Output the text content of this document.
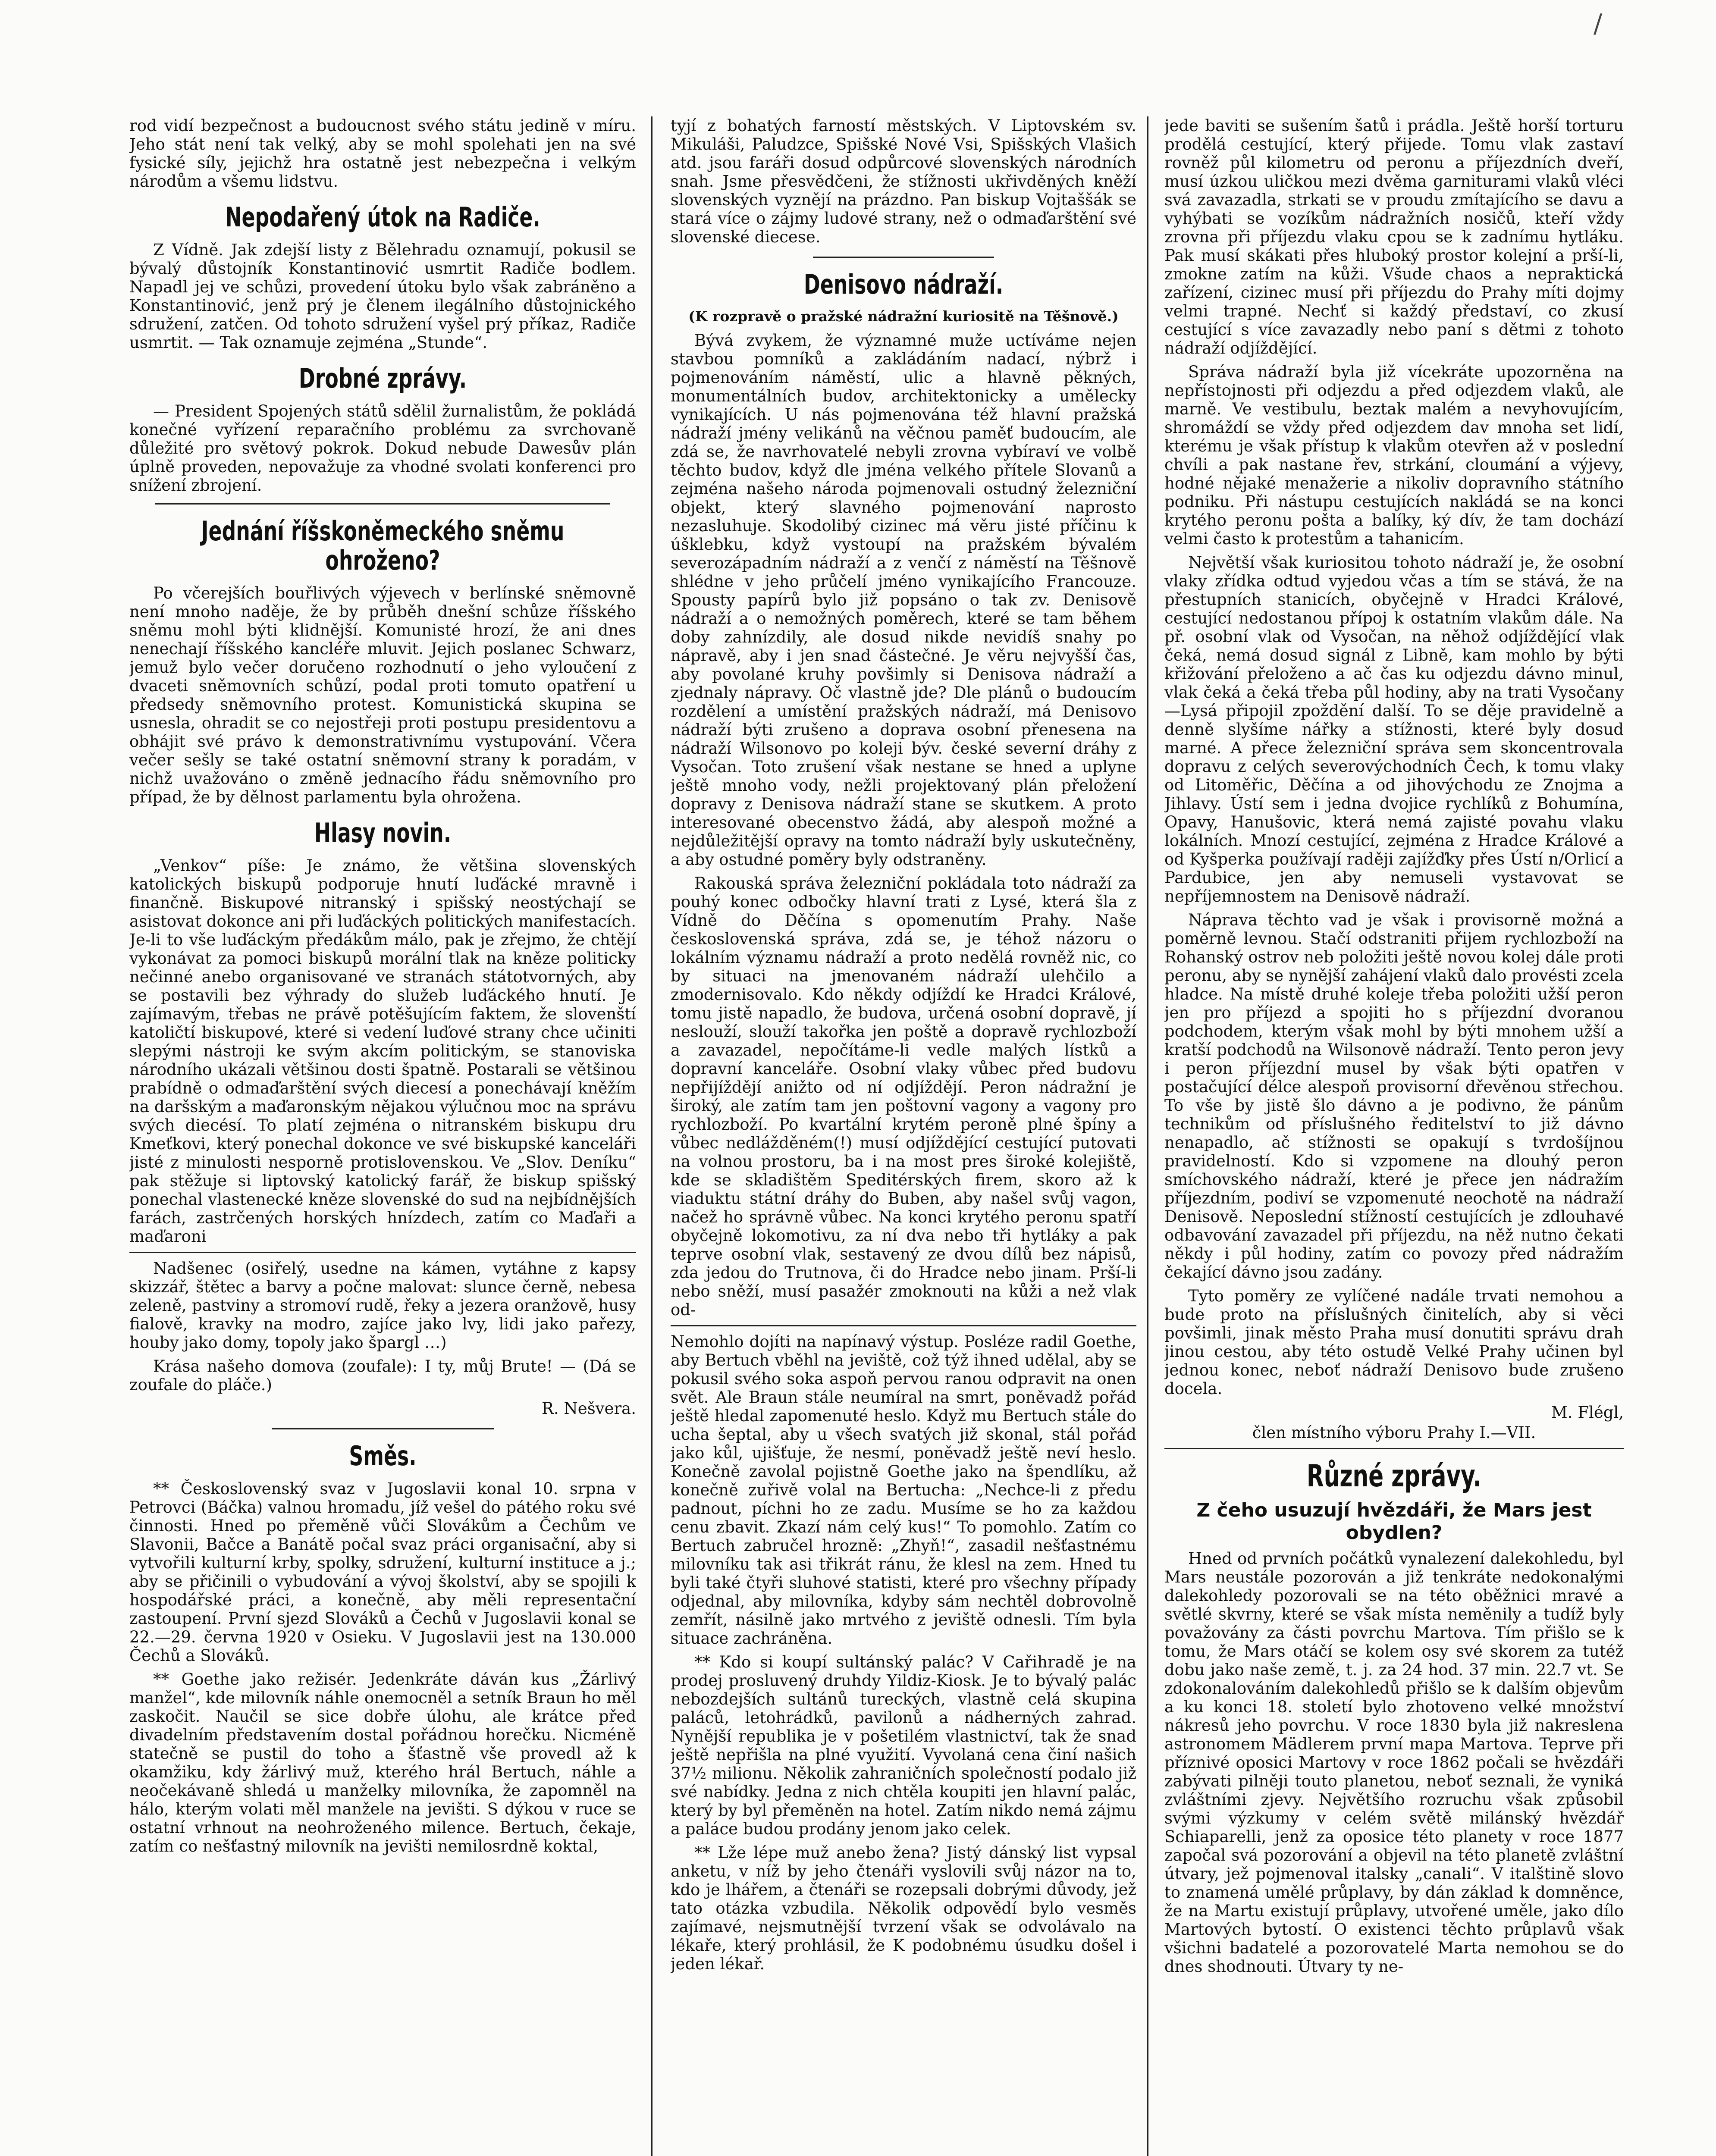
/

rod vidí bezpečnost a budoucnost svého státu jedině v míru. Jeho stát není tak velký, aby se mohl spolehati jen na své fysické síly, jejichž hra ostatně jest nebezpečna i velkým národům a všemu lidstvu.

Nepodařený útok na Radiče.

Z Vídně. Jak zdejší listy z Bělehradu oznamují, pokusil se bývalý důstojník Konstantinović usmrtit Radiče bodlem. Napadl jej ve schůzi, provedení útoku bylo však zabráněno a Konstantinović, jenž prý je členem ilegálního důstojnického sdružení, zatčen. Od tohoto sdružení vyšel prý příkaz, Radiče usmrtit. — Tak oznamuje zejména „Stunde“.

Drobné zprávy.

— President Spojených států sdělil žurnalistům, že pokládá konečné vyřízení reparačního problému za svrchovaně důležité pro světový pokrok. Dokud nebude Dawesův plán úplně proveden, nepovažuje za vhodné svolati konferenci pro snížení zbrojení.

Jednání říšskoněmeckého sněmu ohroženo?

Po včerejších bouřlivých výjevech v berlínské sněmovně není mnoho naděje, že by průběh dnešní schůze říšského sněmu mohl býti klidnější. Komunisté hrozí, že ani dnes nenechají říšského kancléře mluvit. Jejich poslanec Schwarz, jemuž bylo večer doručeno rozhodnutí o jeho vyloučení z dvaceti sněmovních schůzí, podal proti tomuto opatření u předsedy sněmovního protest. Komunistická skupina se usnesla, ohradit se co nejostřeji proti postupu presidentovu a obhájit své právo k demonstrativnímu vystupování. Včera večer sešly se také ostatní sněmovní strany k poradám, v nichž uvažováno o změně jednacího řádu sněmovního pro případ, že by dělnost parlamentu byla ohrožena.

Hlasy novin.

„Venkov“ píše: Je známo, že většina slovenských katolických biskupů podporuje hnutí luďácké mravně i finančně. Biskupové nitranský i spišský neostýchají se asistovat dokonce ani při luďáckých politických manifestacích. Je-li to vše luďáckým předákům málo, pak je zřejmo, že chtějí vykonávat za pomoci biskupů morální tlak na kněze politicky nečinné anebo organisované ve stranách státotvorných, aby se postavili bez výhrady do služeb luďáckého hnutí. Je zajímavým, třebas ne právě potěšujícím faktem, že slovenští katoličtí biskupové, které si vedení luďové strany chce učiniti slepými nástroji ke svým akcím politickým, se stanoviska národního ukázali většinou dosti špatně. Postarali se většinou prabídně o odmaďarštění svých diecesí a ponechávají kněžím na daršským a maďaronským nějakou výlučnou moc na správu svých diecésí. To platí zejména o nitranském biskupu dru Kmeťkovi, který ponechal dokonce ve své biskupské kanceláři jisté z minulosti nesporně protislovenskou. Ve „Slov. Deníku“ pak stěžuje si liptovský katolický farář, že biskup spišský ponechal vlastenecké kněze slovenské do sud na nejbídnějších farách, zastrčených horských hnízdech, zatím co Maďaři a maďaroni

Nadšenec (osiřelý, usedne na kámen, vytáhne z kapsy skizzář, štětec a barvy a počne malovat: slunce černě, nebesa zeleně, pastviny a stromoví rudě, řeky a jezera oranžově, husy fialově, kravky na modro, zajíce jako lvy, lidi jako pařezy, houby jako domy, topoly jako špargl …)

Krása našeho domova (zoufale): I ty, můj Brute! — (Dá se zoufale do pláče.)

R. Nešvera.
Směs.

** Československý svaz v Jugoslavii konal 10. srpna v Petrovci (Báčka) valnou hromadu, jíž vešel do pátého roku své činnosti. Hned po přeměně vůči Slovákům a Čechům ve Slavonii, Bačce a Banátě počal svaz práci organisační, aby si vytvořili kulturní krby, spolky, sdružení, kulturní instituce a j.; aby se přičinili o vybudování a vývoj školství, aby se spojili k hospodářské práci, a konečně, aby měli representační zastoupení. První sjezd Slováků a Čechů v Jugoslavii konal se 22.—29. června 1920 v Osieku. V Jugoslavii jest na 130.000 Čechů a Slováků.

** Goethe jako režisér. Jedenkráte dáván kus „Žárlivý manžel“, kde milovník náhle onemocněl a setník Braun ho měl zaskočit. Naučil se sice dobře úlohu, ale krátce před divadelním představením dostal pořádnou horečku. Nicméně statečně se pustil do toho a šťastně vše provedl až k okamžiku, kdy žárlivý muž, kterého hrál Bertuch, náhle a neočekávaně shledá u manželky milovníka, že zapomněl na hálo, kterým volati měl manžele na jevišti. S dýkou v ruce se ostatní vrhnout na neohroženého milence. Bertuch, čekaje, zatím co nešťastný milovník na jevišti nemilosrdně koktal,

tyjí z bohatých farností městských. V Liptovském sv. Mikuláši, Paludzce, Spišské Nové Vsi, Spišských Vlašich atd. jsou faráři dosud odpůrcové slovenských národních snah. Jsme přesvědčeni, že stížnosti ukřivděných kněží slovenských vyznějí na prázdno. Pan biskup Vojtaššák se stará více o zájmy ludové strany, než o odmaďarštění své slovenské diecese.

Denisovo nádraží.
(K rozpravě o pražské nádražní kuriositě na Těšnově.)

Bývá zvykem, že významné muže uctíváme nejen stavbou pomníků a zakládáním nadací, nýbrž i pojmenováním náměstí, ulic a hlavně pěkných, monumentálních budov, architektonicky a umělecky vynikajících. U nás pojmenována též hlavní pražská nádraží jmény velikánů na věčnou paměť budoucím, ale zdá se, že navrhovatelé nebyli zrovna vybíraví ve volbě těchto budov, když dle jména velkého přítele Slovanů a zejména našeho národa pojmenovali ostudný železniční objekt, který slavného pojmenování naprosto nezasluhuje. Skodolibý cizinec má věru jisté příčinu k úšklebku, když vystoupí na pražském bývalém severozápadním nádraží a z venčí z náměstí na Těšnově shlédne v jeho průčelí jméno vynikajícího Francouze. Spousty papírů bylo již popsáno o tak zv. Denisově nádraží a o nemožných poměrech, které se tam během doby zahnízdily, ale dosud nikde nevidíš snahy po nápravě, aby i jen snad částečné. Je věru nejvyšší čas, aby povolané kruhy povšimly si Denisova nádraží a zjednaly nápravy. Oč vlastně jde? Dle plánů o budoucím rozdělení a umístění pražských nádraží, má Denisovo nádraží býti zrušeno a doprava osobní přenesena na nádraží Wilsonovo po koleji býv. české severní dráhy z Vysočan. Toto zrušení však nestane se hned a uplyne ještě mnoho vody, nežli projektovaný plán přeložení dopravy z Denisova nádraží stane se skutkem. A proto interesované obecenstvo žádá, aby alespoň možné a nejdůležitější opravy na tomto nádraží byly uskutečněny, a aby ostudné poměry byly odstraněny.

Rakouská správa železniční pokládala toto nádraží za pouhý konec odbočky hlavní trati z Lysé, která šla z Vídně do Děčína s opomenutím Prahy. Naše československá správa, zdá se, je téhož názoru o lokálním významu nádraží a proto nedělá rovněž nic, co by situaci na jmenovaném nádraží ulehčilo a zmodernisovalo. Kdo někdy odjíždí ke Hradci Králové, tomu jistě napadlo, že budova, určená osobní dopravě, jí neslouží, slouží takořka jen poště a dopravě rychlozboží a zavazadel, nepočítáme-li vedle malých lístků a dopravní kanceláře. Osobní vlaky vůbec před budovu nepřijíždějí anižto od ní odjíždějí. Peron nádražní je široký, ale zatím tam jen poštovní vagony a vagony pro rychlozboží. Po kvartální krytém peroně plné špíny a vůbec nedlážděném(!) musí odjíždějící cestující putovati na volnou prostoru, ba i na most pres široké kolejiště, kde se skladištěm Speditérských firem, skoro až k viaduktu státní dráhy do Buben, aby našel svůj vagon, načež ho správně vůbec. Na konci krytého peronu spatří obyčejně lokomotivu, za ní dva nebo tři hytláky a pak teprve osobní vlak, sestavený ze dvou dílů bez nápisů, zda jedou do Trutnova, či do Hradce nebo jinam. Prší-li nebo sněží, musí pasažér zmoknouti na kůži a než vlak od-

Nemohlo dojíti na napínavý výstup. Posléze radil Goethe, aby Bertuch vběhl na jeviště, což týž ihned udělal, aby se pokusil svého soka aspoň pervou ranou odpravit na onen svět. Ale Braun stále neumíral na smrt, poněvadž pořád ještě hledal zapomenuté heslo. Když mu Bertuch stále do ucha šeptal, aby u všech svatých již skonal, stál pořád jako kůl, ujišťuje, že nesmí, poněvadž ještě neví heslo. Konečně zavolal pojistně Goethe jako na špendlíku, až konečně zuřivě volal na Bertucha: „Nechce-li z předu padnout, píchni ho ze zadu. Musíme se ho za každou cenu zbavit. Zkazí nám celý kus!“ To pomohlo. Zatím co Bertuch zabručel hrozně: „Zhyň!“, zasadil nešťastnému milovníku tak asi třikrát ránu, že klesl na zem. Hned tu byli také čtyři sluhové statisti, které pro všechny případy odjednal, aby milovníka, kdyby sám nechtěl dobrovolně zemřít, násilně jako mrtvého z jeviště odnesli. Tím byla situace zachráněna.

** Kdo si koupí sultánský palác? V Cařihradě je na prodej prosluvený druhdy Yildiz-Kiosk. Je to bývalý palác nebozdejších sultánů tureckých, vlastně celá skupina paláců, letohrádků, pavilonů a nádherných zahrad. Nynější republika je v pošetilém vlastnictví, tak že snad ještě nepřišla na plné využití. Vyvolaná cena činí našich 37½ milionu. Několik zahraničních společností podalo již své nabídky. Jedna z nich chtěla koupiti jen hlavní palác, který by byl přeměněn na hotel. Zatím nikdo nemá zájmu a paláce budou prodány jenom jako celek.

** Lže lépe muž anebo žena? Jistý dánský list vypsal anketu, v níž by jeho čtenáři vyslovili svůj názor na to, kdo je lhářem, a čtenáři se rozepsali dobrými důvody, jež tato otázka vzbudila. Několik odpovědí bylo vesměs zajímavé, nejsmutnější tvrzení však se odvolávalo na lékaře, který prohlásil, že K podobnému úsudku došel i jeden lékař.

jede baviti se sušením šatů i prádla. Ještě horší torturu prodělá cestující, který přijede. Tomu vlak zastaví rovněž půl kilometru od peronu a příjezdních dveří, musí úzkou uličkou mezi dvěma garniturami vlaků vléci svá zavazadla, strkati se v proudu zmítajícího se davu a vyhýbati se vozíkům nádražních nosičů, kteří vždy zrovna při příjezdu vlaku cpou se k zadnímu hytláku. Pak musí skákati přes hluboký prostor kolejní a prší-li, zmokne zatím na kůži. Všude chaos a nepraktická zařízení, cizinec musí při příjezdu do Prahy míti dojmy velmi trapné. Nechť si každý představí, co zkusí cestující s více zavazadly nebo paní s dětmi z tohoto nádraží odjíždějící.

Správa nádraží byla již vícekráte upozorněna na nepřístojnosti při odjezdu a před odjezdem vlaků, ale marně. Ve vestibulu, beztak malém a nevyhovujícím, shromáždí se vždy před odjezdem dav mnoha set lidí, kterému je však přístup k vlakům otevřen až v poslední chvíli a pak nastane řev, strkání, cloumání a výjevy, hodné nějaké menažerie a nikoliv dopravního státního podniku. Při nástupu cestujících nakládá se na konci krytého peronu pošta a balíky, ký dív, že tam dochází velmi často k protestům a tahanicím.

Největší však kuriositou tohoto nádraží je, že osobní vlaky zřídka odtud vyjedou včas a tím se stává, že na přestupních stanicích, obyčejně v Hradci Králové, cestující nedostanou přípoj k ostatním vlakům dále. Na př. osobní vlak od Vysočan, na něhož odjíždějící vlak čeká, nemá dosud signál z Libně, kam mohlo by býti křižování přeloženo a ač čas ku odjezdu dávno minul, vlak čeká a čeká třeba půl hodiny, aby na trati Vysočany—Lysá připojil zpoždění další. To se děje pravidelně a denně slyšíme nářky a stížnosti, které byly dosud marné. A přece železniční správa sem skoncentrovala dopravu z celých severovýchodních Čech, k tomu vlaky od Litoměřic, Děčína a od jihovýchodu ze Znojma a Jihlavy. Ústí sem i jedna dvojice rychlíků z Bohumína, Opavy, Hanušovic, která nemá zajisté povahu vlaku lokálních. Mnozí cestující, zejména z Hradce Králové a od Kyšperka používají raději zajížďky přes Ústí n/Orlicí a Pardubice, jen aby nemuseli vystavovat se nepříjemnostem na Denisově nádraží.

Náprava těchto vad je však i provisorně možná a poměrně levnou. Stačí odstraniti přijem rychlozboží na Rohanský ostrov neb položiti ještě novou kolej dále proti peronu, aby se nynější zahájení vlaků dalo provésti zcela hladce. Na místě druhé koleje třeba položiti užší peron jen pro příjezd a spojiti ho s příjezdní dvoranou podchodem, kterým však mohl by býti mnohem užší a kratší podchodů na Wilsonově nádraží. Tento peron jevy i peron příjezdní musel by však býti opatřen v postačující délce alespoň provisorní dřevěnou střechou. To vše by jistě šlo dávno a je podivno, že pánům technikům od příslušného ředitelství to již dávno nenapadlo, ač stížnosti se opakují s tvrdošíjnou pravidelností. Kdo si vzpomene na dlouhý peron smíchovského nádraží, které je přece jen nádražím příjezdním, podiví se vzpomenuté neochotě na nádraží Denisově. Neposlední stížností cestujících je zdlouhavé odbavování zavazadel při příjezdu, na něž nutno čekati někdy i půl hodiny, zatím co povozy před nádražím čekající dávno jsou zadány.

Tyto poměry ze vylíčené nadále trvati nemohou a bude proto na příslušných činitelích, aby si věci povšimli, jinak město Praha musí donutiti správu drah jinou cestou, aby této ostudě Velké Prahy učinen byl jednou konec, neboť nádraží Denisovo bude zrušeno docela.

M. Flégl,
člen místního výboru Prahy I.—VII.
Různé zprávy.
Z čeho usuzují hvězdáři, že Mars jest obydlen?

Hned od prvních počátků vynalezení dalekohledu, byl Mars neustále pozorován a již tenkráte nedokonalými dalekohledy pozorovali se na této oběžnici mravé a světlé skvrny, které se však místa neměnily a tudíž byly považovány za části povrchu Martova. Tím přišlo se k tomu, že Mars otáčí se kolem osy své skorem za tutéž dobu jako naše země, t. j. za 24 hod. 37 min. 22.7 vt. Se zdokonalováním dalekohledů přišlo se k dalším objevům a ku konci 18. století bylo zhotoveno velké množství nákresů jeho povrchu. V roce 1830 byla již nakreslena astronomem Mädlerem první mapa Martova. Teprve při příznivé oposici Martovy v roce 1862 počali se hvězdáři zabývati pilněji touto planetou, neboť seznali, že vyniká zvláštními zjevy. Největšího rozruchu však způsobil svými výzkumy v celém světě milánský hvězdář Schiaparelli, jenž za oposice této planety v roce 1877 započal svá pozorování a objevil na této planetě zvláštní útvary, jež pojmenoval italsky „canali“. V italštině slovo to znamená umělé průplavy, by dán základ k domněnce, že na Martu existují průplavy, utvořené uměle, jako dílo Martových bytostí. O existenci těchto průplavů však všichni badatelé a pozorovatelé Marta nemohou se do dnes shodnouti. Útvary ty ne-
